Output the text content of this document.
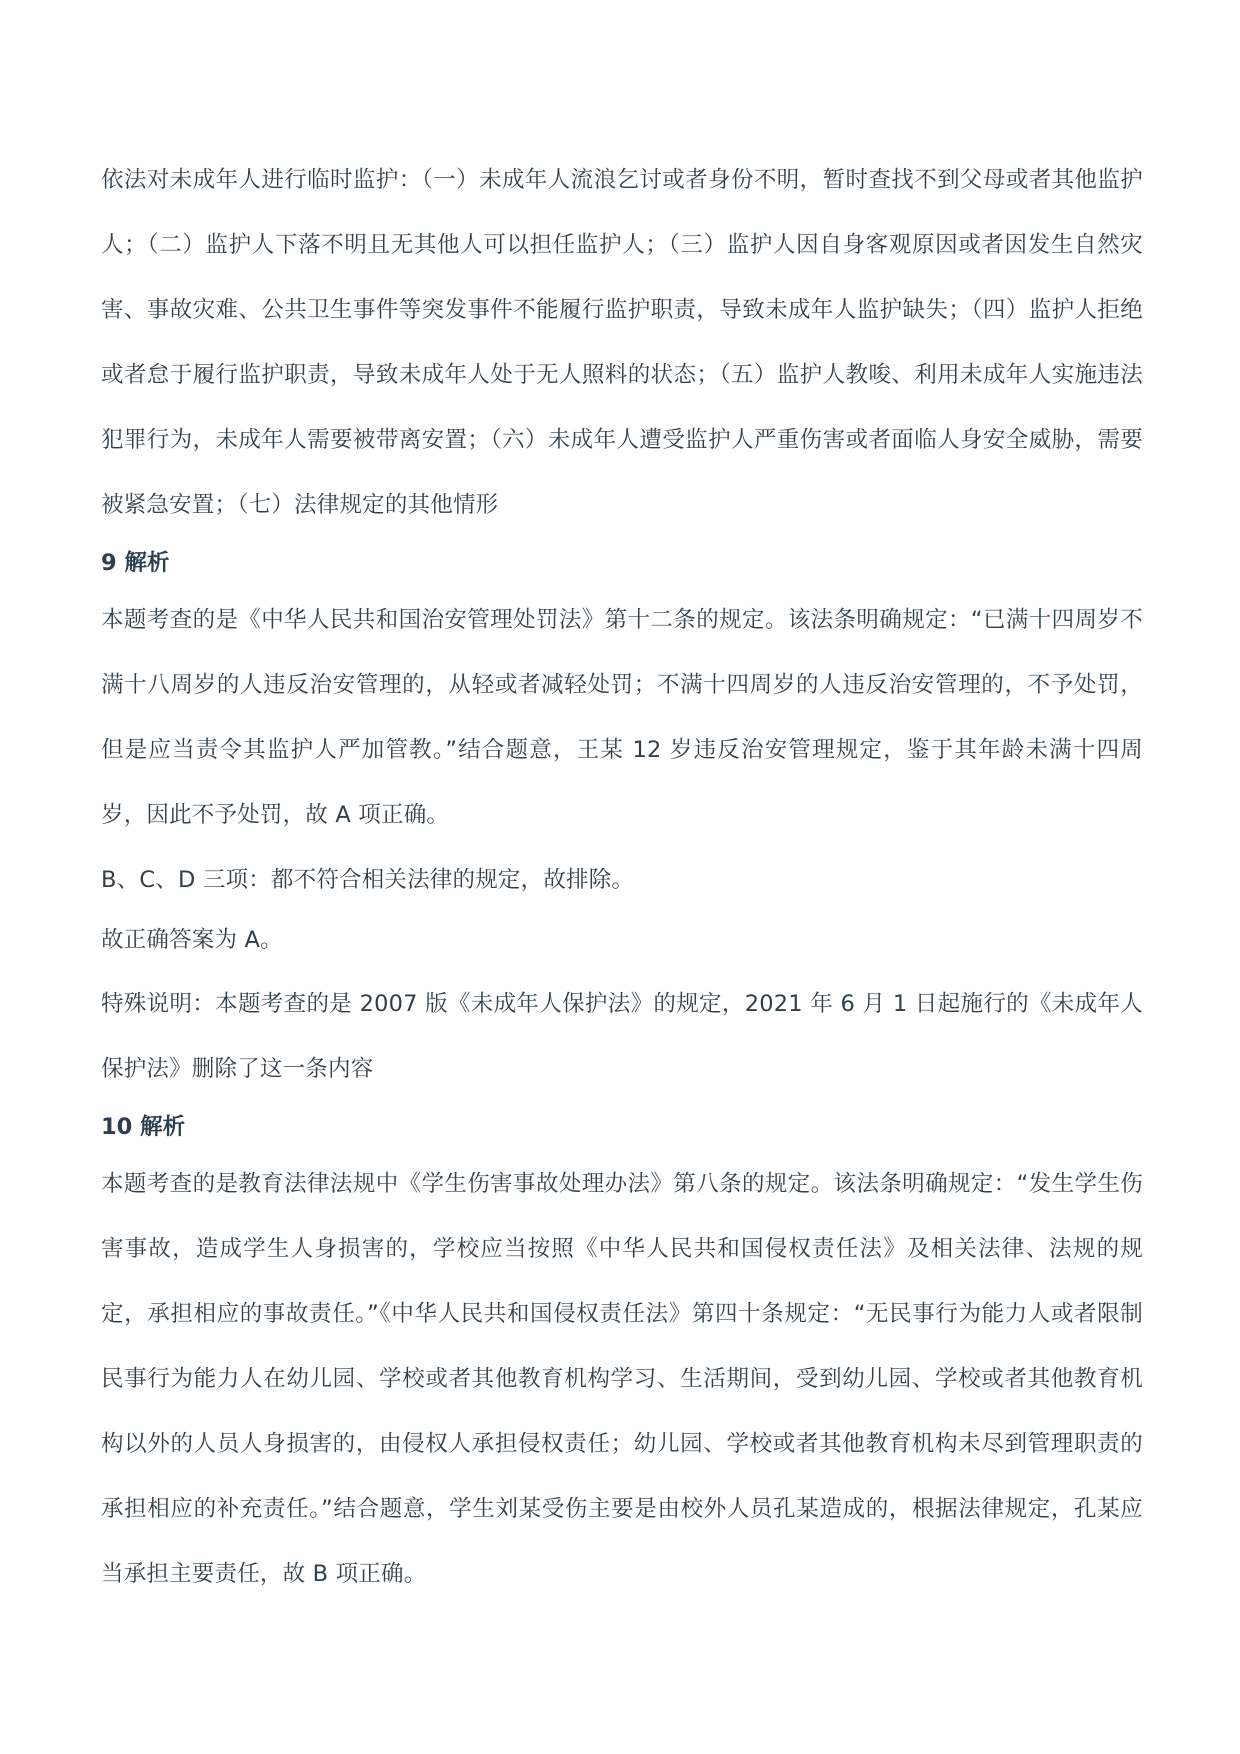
依法对未成年人进行临时监护：（一）未成年人流浪乞讨或者身份不明，暂时查找不到父母或者其他监护人；（二）监护人下落不明且无其他人可以担任监护人；（三）监护人因自身客观原因或者因发生自然灾害、事故灾难、公共卫生事件等突发事件不能履行监护职责，导致未成年人监护缺失；（四）监护人拒绝或者怠于履行监护职责，导致未成年人处于无人照料的状态；（五）监护人教唆、利用未成年人实施违法犯罪行为，未成年人需要被带离安置；（六）未成年人遭受监护人严重伤害或者面临人身安全威胁，需要被紧急安置；（七）法律规定的其他情形
9 解析
本题考查的是《中华人民共和国治安管理处罚法》第十二条的规定。该法条明确规定：“已满十四周岁不满十八周岁的人违反治安管理的，从轻或者减轻处罚；不满十四周岁的人违反治安管理的，不予处罚，但是应当责令其监护人严加管教。”结合题意，王某 12 岁违反治安管理规定，鉴于其年龄未满十四周岁，因此不予处罚，故 A 项正确。
B、C、D 三项：都不符合相关法律的规定，故排除。
故正确答案为 A。
特殊说明：本题考查的是 2007 版《未成年人保护法》的规定，2021 年 6 月 1 日起施行的《未成年人保护法》删除了这一条内容
10 解析
本题考查的是教育法律法规中《学生伤害事故处理办法》第八条的规定。该法条明确规定：“发生学生伤害事故，造成学生人身损害的，学校应当按照《中华人民共和国侵权责任法》及相关法律、法规的规定，承担相应的事故责任。”《中华人民共和国侵权责任法》第四十条规定：“无民事行为能力人或者限制民事行为能力人在幼儿园、学校或者其他教育机构学习、生活期间，受到幼儿园、学校或者其他教育机构以外的人员人身损害的，由侵权人承担侵权责任；幼儿园、学校或者其他教育机构未尽到管理职责的承担相应的补充责任。”结合题意，学生刘某受伤主要是由校外人员孔某造成的，根据法律规定，孔某应当承担主要责任，故 B 项正确。
